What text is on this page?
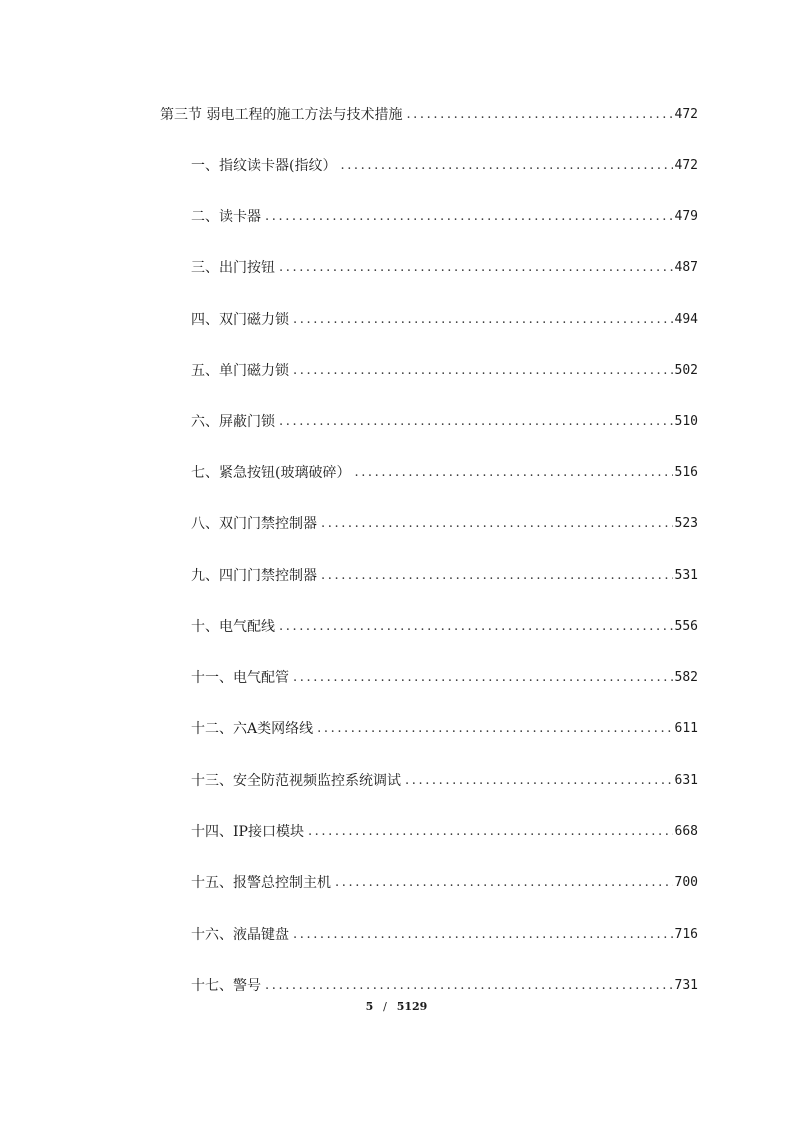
第三节 弱电工程的施工方法与技术措施 .....	472
一、指纹读卡器(指纹） .....	472
二、读卡器 .....	479
三、出门按钮 .....	487
四、双门磁力锁 .....	494
五、单门磁力锁 .....	502
六、屏蔽门锁 .....	510
七、紧急按钮(玻璃破碎） .....	516
八、双门门禁控制器 .....	523
九、四门门禁控制器 .....	531
十、电气配线 .....	556
十一、电气配管 .....	582
十二、六A类网络线 .....	611
十三、安全防范视频监控系统调试 .....	631
十四、IP接口模块 .....	668
十五、报警总控制主机 .....	700
十六、液晶键盘 .....	716
十七、警号 .....	731
5 / 5129
